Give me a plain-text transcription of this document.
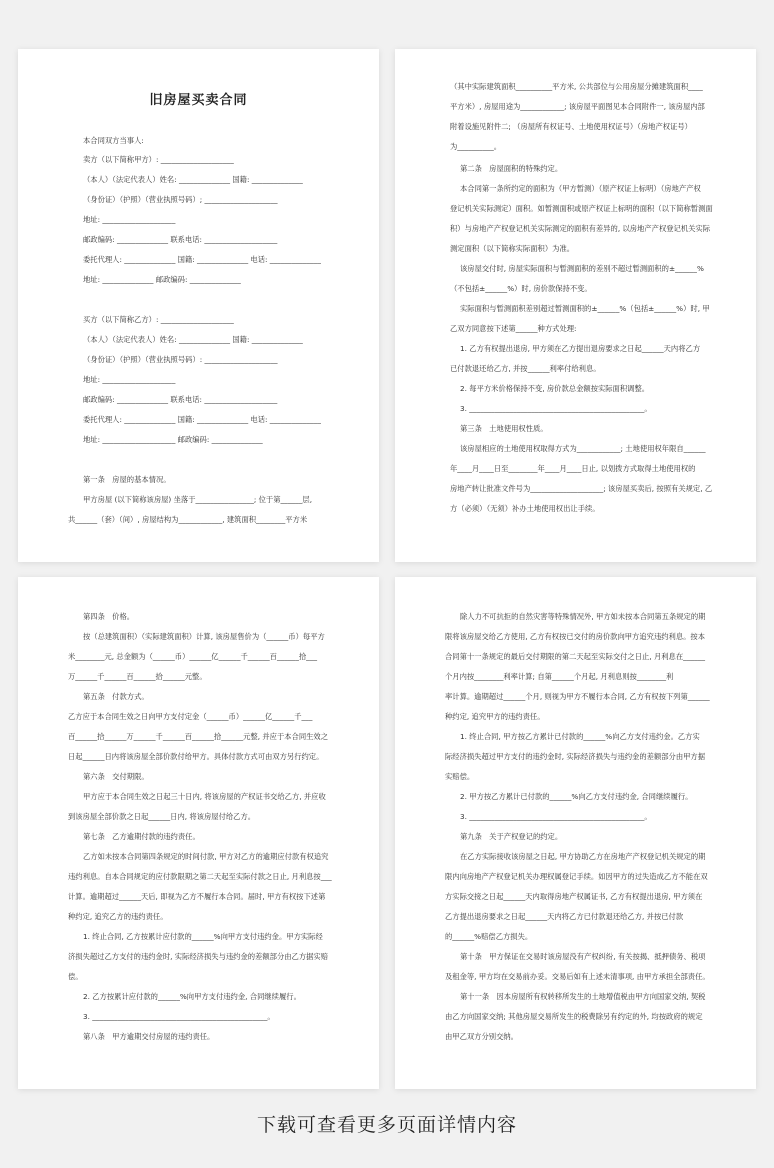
旧房屋买卖合同
本合同双方当事人:
卖方（以下简称甲方）: ____________________
（本人）（法定代表人）姓名: ______________ 国籍: ______________
（身份证）（护照）（营业执照号码）; ____________________
地址: ____________________
邮政编码: ______________ 联系电话: ____________________
委托代理人: ______________ 国籍: ______________ 电话: ______________
地址: ______________ 邮政编码: ______________
买方（以下简称乙方）: ____________________
（本人）（法定代表人）姓名: ______________ 国籍: ______________
（身份证）（护照）（营业执照号码）: ____________________
地址: ____________________
邮政编码: ______________ 联系电话: ____________________
委托代理人: ______________ 国籍: ______________ 电话: ______________
地址: ____________________ 邮政编码: ______________
第一条　房屋的基本情况。
甲方房屋 (以下简称该房屋) 坐落于________________; 位于第______层,
共______（套）（间）, 房屋结构为____________, 建筑面积________平方米
（其中实际建筑面积__________平方米, 公共部位与公用房屋分摊建筑面积____
平方米）, 房屋用途为____________; 该房屋平面图见本合同附件一, 该房屋内部
附着设施见附件二; （房屋所有权证号、土地使用权证号）（房地产权证号）
为__________。
第二条　房屋面积的特殊约定。
本合同第一条所约定的面积为（甲方暂测）（原产权证上标明）（房地产产权
登记机关实际测定）面积。如暂测面积或原产权证上标明的面积（以下简称暂测面
积）与房地产产权登记机关实际测定的面积有差异的, 以房地产产权登记机关实际
测定面积（以下简称实际面积）为准。
该房屋交付时, 房屋实际面积与暂测面积的差别不超过暂测面积的±______%
（不包括±______%）时, 房价款保持不变。
实际面积与暂测面积差别超过暂测面积的±______%（包括±______%）时, 甲
乙双方同意按下述第______种方式处理:
1. 乙方有权提出退房, 甲方须在乙方提出退房要求之日起______天内将乙方
已付款退还给乙方, 并按______利率付给利息。
2. 每平方米价格保持不变, 房价款总金额按实际面积调整。
3. ________________________________________________。
第三条　土地使用权性质。
该房屋相应的土地使用权取得方式为____________; 土地使用权年限自______
年____月____日至________年____月____日止, 以划拨方式取得土地使用权的
房地产转让批准文件号为____________________; 该房屋买卖后, 按照有关规定, 乙
方（必须）（无须）补办土地使用权出让手续。
第四条　价格。
按（总建筑面积）（实际建筑面积）计算, 该房屋售价为（______币）每平方
米________元, 总金额为（______币）______亿______千______百______拾___
万______千______百______拾______元整。
第五条　付款方式。
乙方应于本合同生效之日向甲方支付定金（______币）______亿______千___
百______拾______万______千______百______拾______元整, 并应于本合同生效之
日起______日内将该房屋全部价款付给甲方。具体付款方式可由双方另行约定。
第六条　交付期限。
甲方应于本合同生效之日起三十日内, 将该房屋的产权证书交给乙方, 并应收
到该房屋全部价款之日起______日内, 将该房屋付给乙方。
第七条　乙方逾期付款的违约责任。
乙方如未按本合同第四条规定的时间付款, 甲方对乙方的逾期应付款有权追究
违约利息。自本合同规定的应付款限期之第二天起至实际付款之日止, 月利息按___
计算。逾期超过______天后, 即视为乙方不履行本合同。届时, 甲方有权按下述第
种约定, 追究乙方的违约责任。
1. 终止合同, 乙方按累计应付款的______%向甲方支付违约金。甲方实际经
济损失超过乙方支付的违约金时, 实际经济损失与违约金的差额部分由乙方据实赔
偿。
2. 乙方按累计应付款的______%向甲方支付违约金, 合同继续履行。
3. ________________________________________________。
第八条　甲方逾期交付房屋的违约责任。
除人力不可抗拒的自然灾害等特殊情况外, 甲方如未按本合同第五条规定的期
限将该房屋交给乙方使用, 乙方有权按已交付的房价款向甲方追究违约利息。按本
合同第十一条规定的最后交付期限的第二天起至实际交付之日止, 月利息在______
个月内按________利率计算; 自第______个月起, 月利息则按________利
率计算。逾期超过______个月, 则视为甲方不履行本合同, 乙方有权按下列第______
种约定, 追究甲方的违约责任。
1. 终止合同, 甲方按乙方累计已付款的______%向乙方支付违约金。乙方实
际经济损失超过甲方支付的违约金时, 实际经济损失与违约金的差额部分由甲方据
实赔偿。
2. 甲方按乙方累计已付款的______%向乙方支付违约金, 合同继续履行。
3. ________________________________________________。
第九条　关于产权登记的约定。
在乙方实际接收该房屋之日起, 甲方协助乙方在房地产产权登记机关规定的期
限内向房地产产权登记机关办理权属登记手续。如因甲方的过失造成乙方不能在双
方实际交接之日起______天内取得房地产权属证书, 乙方有权提出退房, 甲方须在
乙方提出退房要求之日起______天内将乙方已付款退还给乙方, 并按已付款
的______%赔偿乙方损失。
第十条　甲方保证在交易时该房屋没有产权纠纷, 有关按揭、抵押债务、税项
及租金等, 甲方均在交易前办妥。交易后如有上述未清事项, 由甲方承担全部责任。
第十一条　因本房屋所有权转移所发生的土地增值税由甲方向国家交纳, 契税
由乙方向国家交纳; 其他房屋交易所发生的税费除另有约定的外, 均按政府的规定
由甲乙双方分别交纳。
下载可查看更多页面详情内容
